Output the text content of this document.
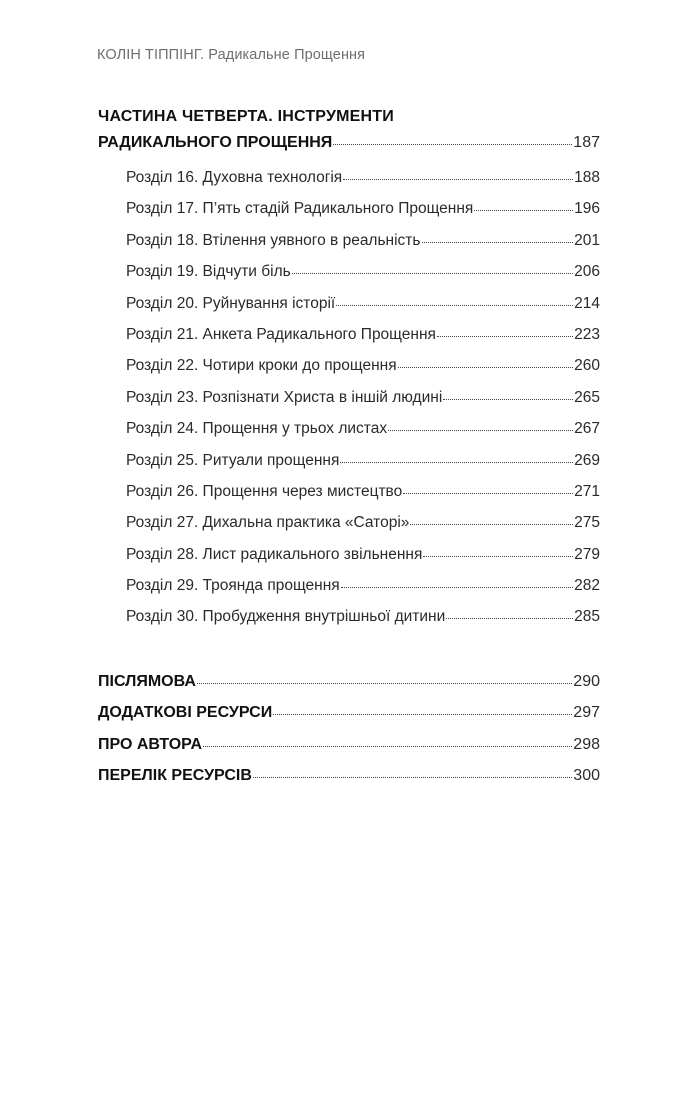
КОЛІН ТІППІНГ. Радикальне Прощення
ЧАСТИНА ЧЕТВЕРТА. ІНСТРУМЕНТИ
РАДИКАЛЬНОГО ПРОЩЕННЯ	187
Розділ 16. Духовна технологія	188
Розділ 17. П’ять стадій Радикального Прощення	196
Розділ 18. Втілення уявного в реальність	201
Розділ 19. Відчути біль	206
Розділ 20. Руйнування історії	214
Розділ 21. Анкета Радикального Прощення	223
Розділ 22. Чотири кроки до прощення	260
Розділ 23. Розпізнати Христа в іншій людині	265
Розділ 24. Прощення у трьох листах	267
Розділ 25. Ритуали прощення	269
Розділ 26. Прощення через мистецтво	271
Розділ 27. Дихальна практика «Саторі»	275
Розділ 28. Лист радикального звільнення	279
Розділ 29. Троянда прощення	282
Розділ 30. Пробудження внутрішньої дитини	285
ПІСЛЯМОВА	290
ДОДАТКОВІ РЕСУРСИ	297
ПРО АВТОРА	298
ПЕРЕЛІК РЕСУРСІВ	300
